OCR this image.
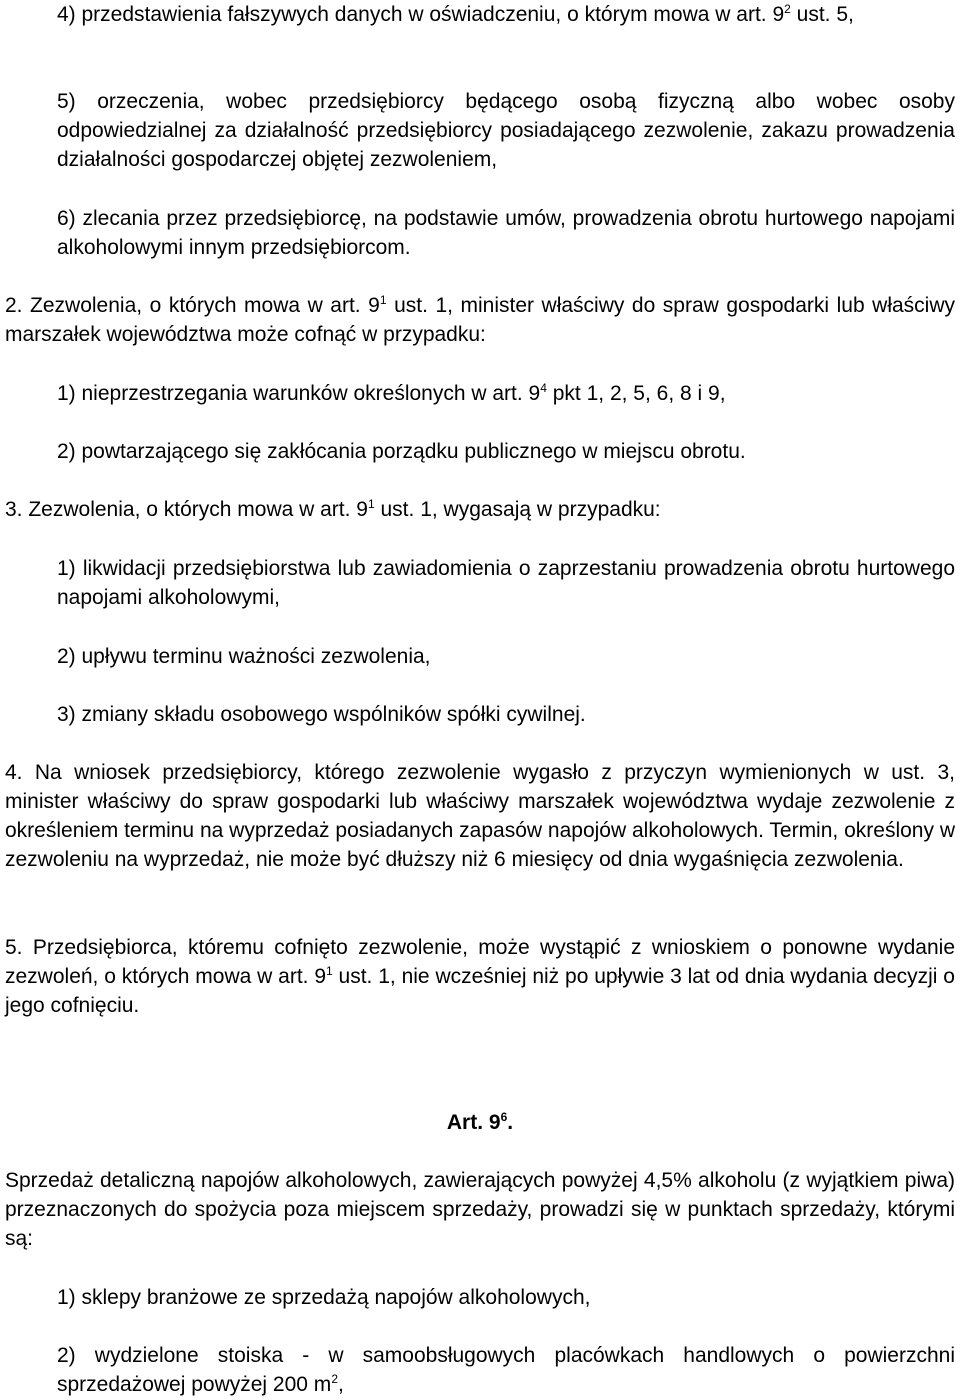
4) przedstawienia fałszywych danych w oświadczeniu, o którym mowa w art. $9^2$ ust. 5,

5) orzeczenia, wobec przedsiębiorcy będącego osobą fizyczną albo wobec osoby odpowiedzialnej za działalność przedsiębiorcy posiadającego zezwolenie, zakazu prowadzenia działalności gospodarczej objętej zezwoleniem,

6) zlecania przez przedsiębiorcę, na podstawie umów, prowadzenia obrotu hurtowego napojami alkoholowymi innym przedsiębiorcom.

2. Zezwolenia, o których mowa w art. $9^1$ ust. 1, minister właściwy do spraw gospodarki lub właściwy marszałek województwa może cofnąć w przypadku:

1) nieprzestrzegania warunków określonych w art. $9^4$ pkt 1, 2, 5, 6, 8 i 9,

2) powtarzającego się zakłócania porządku publicznego w miejscu obrotu.

3. Zezwolenia, o których mowa w art. $9^1$ ust. 1, wygasają w przypadku:

1) likwidacji przedsiębiorstwa lub zawiadomienia o zaprzestaniu prowadzenia obrotu hurtowego napojami alkoholowymi,

2) upływu terminu ważności zezwolenia,

3) zmiany składu osobowego wspólników spółki cywilnej.

4. Na wniosek przedsiębiorcy, którego zezwolenie wygasło z przyczyn wymienionych w ust. 3, minister właściwy do spraw gospodarki lub właściwy marszałek województwa wydaje zezwolenie z określeniem terminu na wyprzedaż posiadanych zapasów napojów alkoholowych. Termin, określony w zezwoleniu na wyprzedaż, nie może być dłuższy niż 6 miesięcy od dnia wygaśnięcia zezwolenia.

5. Przedsiębiorca, któremu cofnięto zezwolenie, może wystąpić z wnioskiem o ponowne wydanie zezwoleń, o których mowa w art. $9^1$ ust. 1, nie wcześniej niż po upływie 3 lat od dnia wydania decyzji o jego cofnięciu.

Art. $9^6$.

Sprzedaż detaliczną napojów alkoholowych, zawierających powyżej 4,5% alkoholu (z wyjątkiem piwa) przeznaczonych do spożycia poza miejscem sprzedaży, prowadzi się w punktach sprzedaży, którymi są:

1) sklepy branżowe ze sprzedażą napojów alkoholowych,

2) wydzielone stoiska - w samoobsługowych placówkach handlowych o powierzchni sprzedażowej powyżej 200 $m^2$,
